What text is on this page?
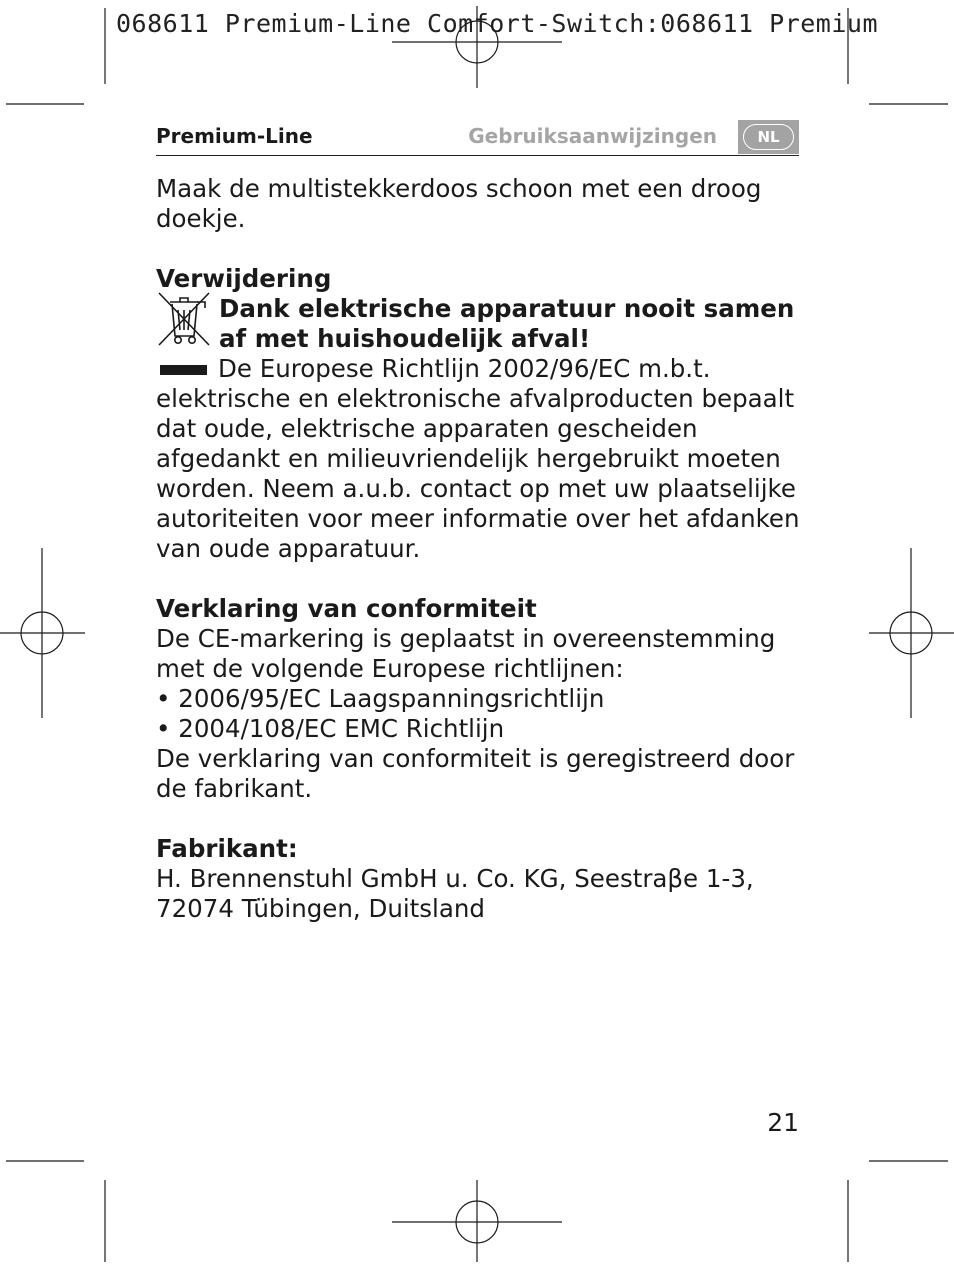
068611 Premium-Line Comfort-Switch:068611 Premium
Premium-Line	Gebruiksaanwijzingen	NL

Maak de multistekkerdoos schoon met een droog doekje.

Verwijdering
Dank elektrische apparatuur nooit samen af met huishoudelijk afval!

De Europese Richtlijn 2002/96/EC m.b.t. elektrische en elektronische afvalproducten bepaalt dat oude, elektrische apparaten gescheiden afgedankt en milieuvriendelijk hergebruikt moeten worden. Neem a.u.b. contact op met uw plaatselijke autoriteiten voor meer informatie over het afdanken van oude apparatuur.

Verklaring van conformiteit

De CE-markering is geplaatst in overeenstemming met de volgende Europese richtlijnen:

• 2006/95/EC Laagspanningsrichtlijn

• 2004/108/EC EMC Richtlijn

De verklaring van conformiteit is geregistreerd door de fabrikant.

Fabrikant:

H. Brennenstuhl GmbH u. Co. KG, Seestraβe 1-3,

72074 Tübingen, Duitsland

21
